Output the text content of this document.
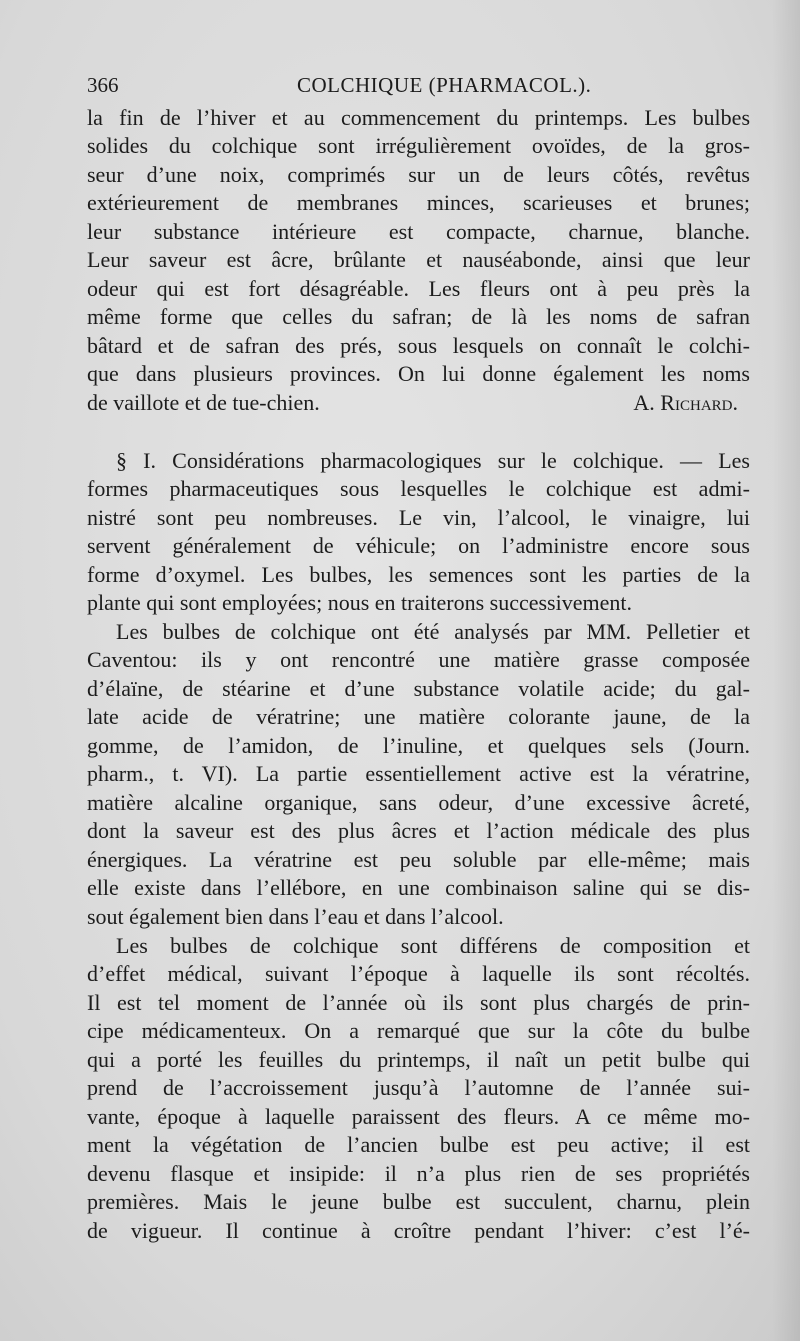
366	COLCHIQUE (PHARMACOL.).
la fin de l’hiver et au commencement du printemps. Les bulbes
solides du colchique sont irrégulièrement ovoïdes, de la gros-
seur d’une noix, comprimés sur un de leurs côtés, revêtus
extérieurement de membranes minces, scarieuses et brunes;
leur substance intérieure est compacte, charnue, blanche.
Leur saveur est âcre, brûlante et nauséabonde, ainsi que leur
odeur qui est fort désagréable. Les fleurs ont à peu près la
même forme que celles du safran; de là les noms de safran
bâtard et de safran des prés, sous lesquels on connaît le colchi-
que dans plusieurs provinces. On lui donne également les noms
de vaillote et de tue-chien.	A. Richard.
§ I. Considérations pharmacologiques sur le colchique. — Les
formes pharmaceutiques sous lesquelles le colchique est admi-
nistré sont peu nombreuses. Le vin, l’alcool, le vinaigre, lui
servent généralement de véhicule; on l’administre encore sous
forme d’oxymel. Les bulbes, les semences sont les parties de la
plante qui sont employées; nous en traiterons successivement.
Les bulbes de colchique ont été analysés par MM. Pelletier et
Caventou: ils y ont rencontré une matière grasse composée
d’élaïne, de stéarine et d’une substance volatile acide; du gal-
late acide de vératrine; une matière colorante jaune, de la
gomme, de l’amidon, de l’inuline, et quelques sels (Journ.
pharm., t. VI). La partie essentiellement active est la vératrine,
matière alcaline organique, sans odeur, d’une excessive âcreté,
dont la saveur est des plus âcres et l’action médicale des plus
énergiques. La vératrine est peu soluble par elle-même; mais
elle existe dans l’ellébore, en une combinaison saline qui se dis-
sout également bien dans l’eau et dans l’alcool.
Les bulbes de colchique sont différens de composition et
d’effet médical, suivant l’époque à laquelle ils sont récoltés.
Il est tel moment de l’année où ils sont plus chargés de prin-
cipe médicamenteux. On a remarqué que sur la côte du bulbe
qui a porté les feuilles du printemps, il naît un petit bulbe qui
prend de l’accroissement jusqu’à l’automne de l’année sui-
vante, époque à laquelle paraissent des fleurs. A ce même mo-
ment la végétation de l’ancien bulbe est peu active; il est
devenu flasque et insipide: il n’a plus rien de ses propriétés
premières. Mais le jeune bulbe est succulent, charnu, plein
de vigueur. Il continue à croître pendant l’hiver: c’est l’é-
